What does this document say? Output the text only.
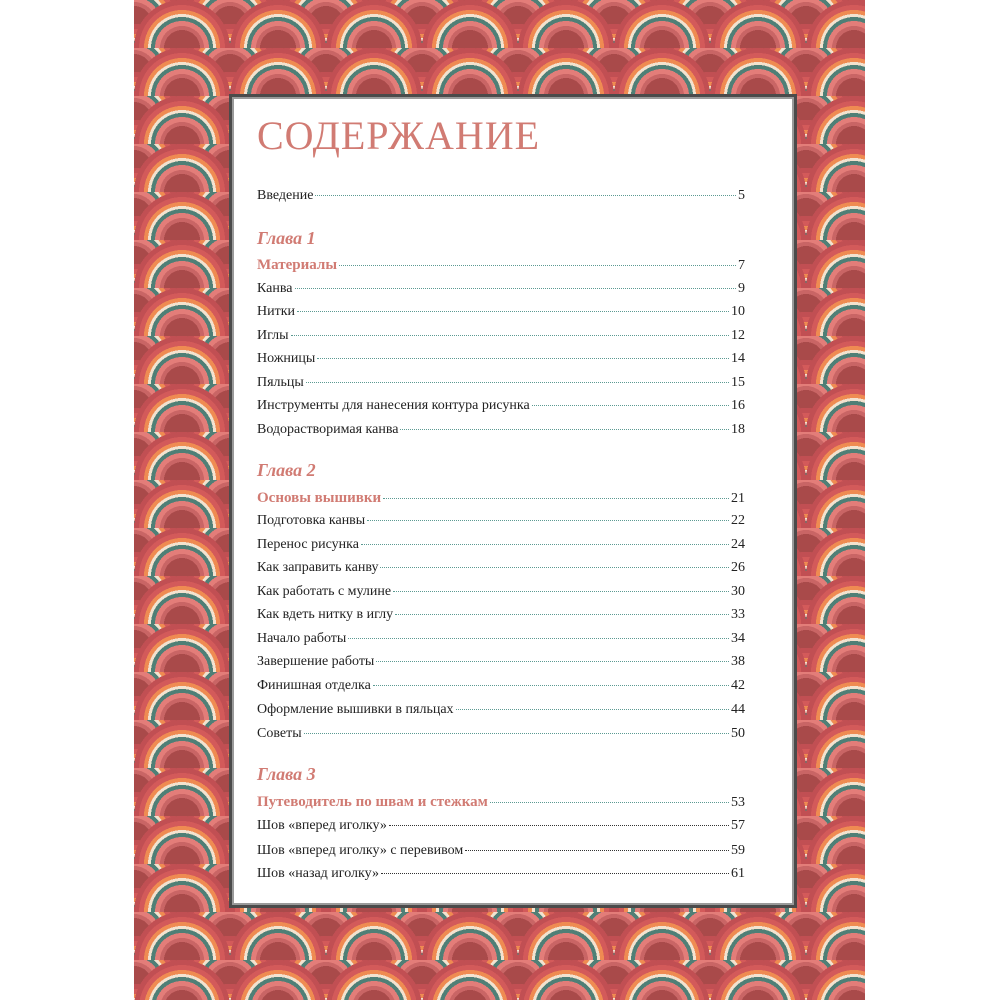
СОДЕРЖАНИЕ
Введение	5
Глава 1
Материалы	7
Канва	9
Нитки	10
Иглы	12
Ножницы	14
Пяльцы	15
Инструменты для нанесения контура рисунка	16
Водорастворимая канва	18
Глава 2
Основы вышивки	21
Подготовка канвы	22
Перенос рисунка	24
Как заправить канву	26
Как работать с мулине	30
Как вдеть нитку в иглу	33
Начало работы	34
Завершение работы	38
Финишная отделка	42
Оформление вышивки в пяльцах	44
Советы	50
Глава 3
Путеводитель по швам и стежкам	53
Шов «вперед иголку»	57
Шов «вперед иголку» с перевивом	59
Шов «назад иголку»	61
